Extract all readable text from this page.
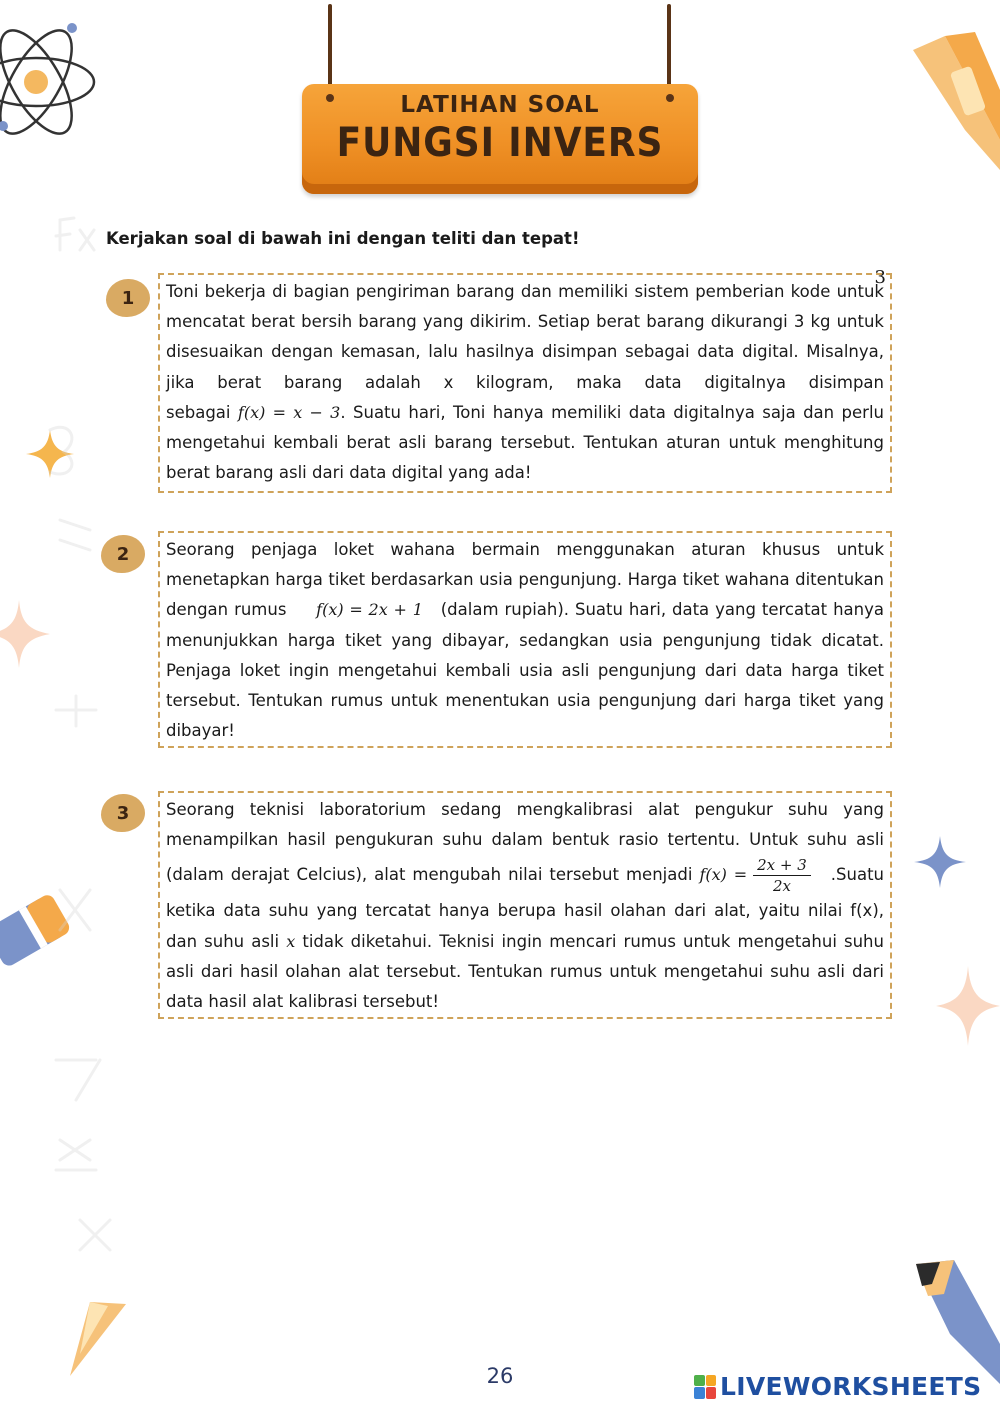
LATIHAN SOAL
FUNGSI INVERS
Kerjakan soal di bawah ini dengan teliti dan tepat!
1
3

Toni bekerja di bagian pengiriman barang dan memiliki sistem pemberian kode untuk mencatat berat bersih barang yang dikirim. Setiap berat barang dikurangi 3 kg untuk disesuaikan dengan kemasan, lalu hasilnya disimpan sebagai data digital. Misalnya, jika berat barang adalah x kilogram, maka data digitalnya disimpan sebagai f(x) = x − 3. Suatu hari, Toni hanya memiliki data digitalnya saja dan perlu mengetahui kembali berat asli barang tersebut. Tentukan aturan untuk menghitung berat barang asli dari data digital yang ada!

2	Seorang penjaga loket wahana bermain menggunakan aturan khusus untuk menetapkan harga tiket berdasarkan usia pengunjung. Harga tiket wahana ditentukan dengan rumus f(x) = 2x + 1 (dalam rupiah). Suatu hari, data yang tercatat hanya menunjukkan harga tiket yang dibayar, sedangkan usia pengunjung tidak dicatat. Penjaga loket ingin mengetahui kembali usia asli pengunjung dari data harga tiket tersebut. Tentukan rumus untuk menentukan usia pengunjung dari harga tiket yang dibayar!

3	Seorang teknisi laboratorium sedang mengkalibrasi alat pengukur suhu yang menampilkan hasil pengukuran suhu dalam bentuk rasio tertentu. Untuk suhu asli (dalam derajat Celcius), alat mengubah nilai tersebut menjadi $f(x) = \frac{2x + 3}{2x}$ .Suatu ketika data suhu yang tercatat hanya berupa hasil olahan dari alat, yaitu nilai f(x), dan suhu asli x tidak diketahui. Teknisi ingin mencari rumus untuk mengetahui suhu asli dari hasil olahan alat tersebut. Tentukan rumus untuk mengetahui suhu asli dari data hasil alat kalibrasi tersebut!

26	LIVEWORKSHEETS
